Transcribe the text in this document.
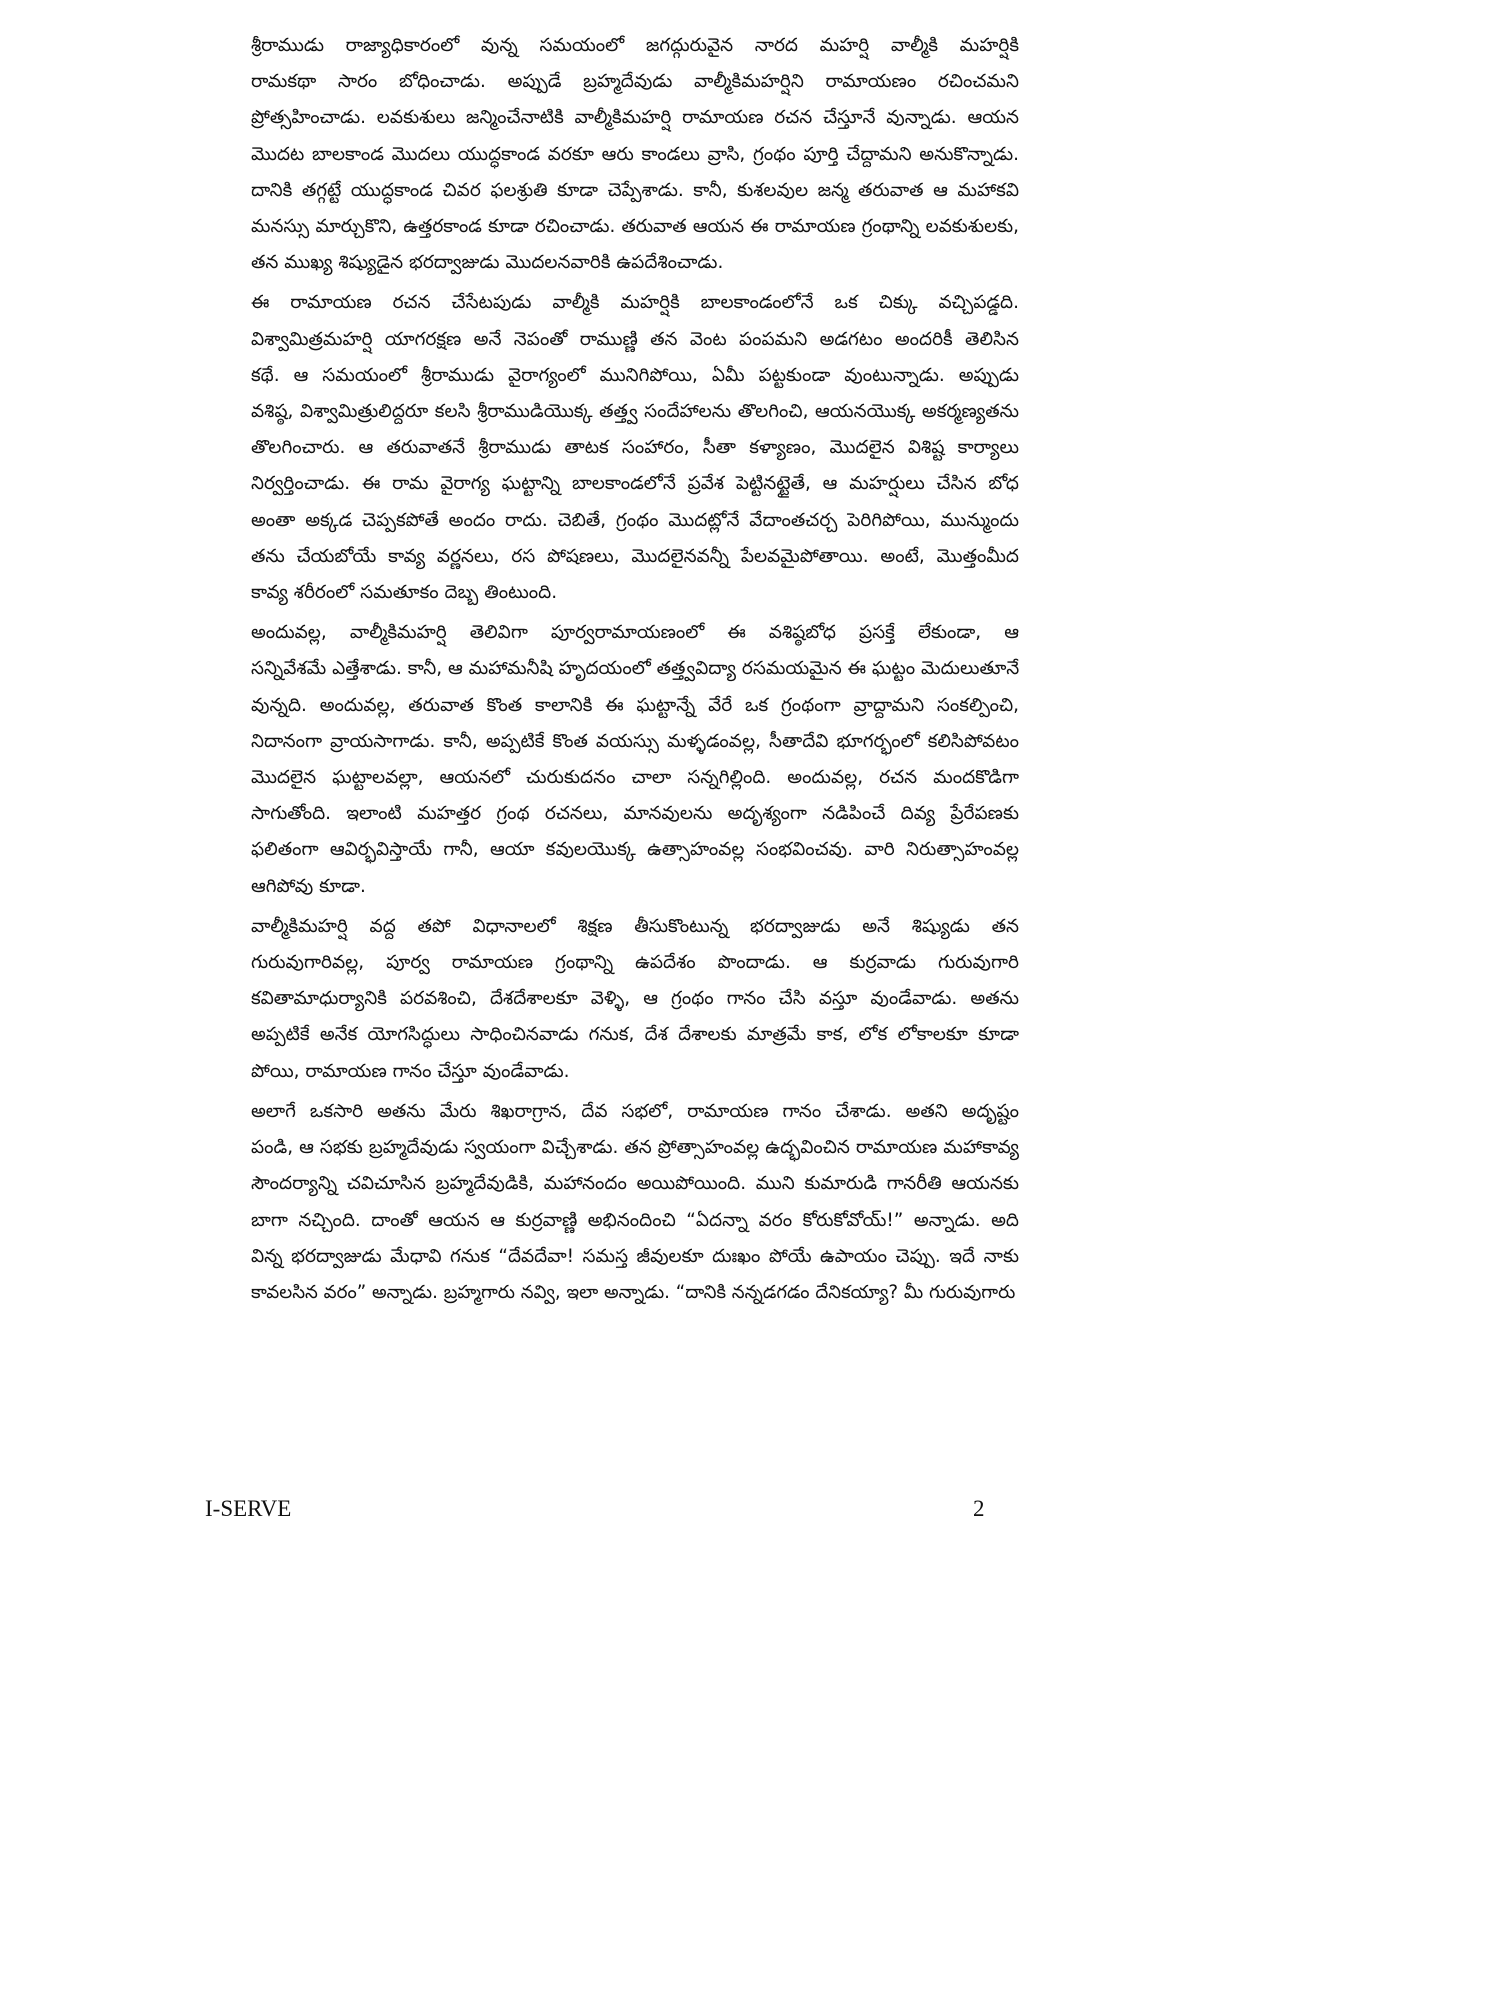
శ్రీరాముడు రాజ్యాధికారంలో వున్న సమయంలో జగద్గురువైన నారద మహర్షి వాల్మీకి మహర్షికి
రామకథా సారం బోధించాడు. అప్పుడే బ్రహ్మదేవుడు వాల్మీకిమహర్షిని రామాయణం రచించమని
ప్రోత్సహించాడు. లవకుశులు జన్మించేనాటికి వాల్మీకిమహర్షి రామాయణ రచన చేస్తూనే వున్నాడు. ఆయన
మొదట బాలకాండ మొదలు యుద్ధకాండ వరకూ ఆరు కాండలు వ్రాసి, గ్రంథం పూర్తి చేద్దామని అనుకొన్నాడు.
దానికి తగ్గట్టే యుద్ధకాండ చివర ఫలశ్రుతి కూడా చెప్పేశాడు. కానీ, కుశలవుల జన్మ తరువాత ఆ మహాకవి
మనస్సు మార్చుకొని, ఉత్తరకాండ కూడా రచించాడు. తరువాత ఆయన ఈ రామాయణ గ్రంథాన్ని లవకుశులకు,
తన ముఖ్య శిష్యుడైన భరద్వాజుడు మొదలనవారికి ఉపదేశించాడు.
ఈ రామాయణ రచన చేసేటపుడు వాల్మీకి మహర్షికి బాలకాండంలోనే ఒక చిక్కు వచ్చిపడ్డది.
విశ్వామిత్రమహర్షి యాగరక్షణ అనే నెపంతో రాముణ్ణి తన వెంట పంపమని అడగటం అందరికీ తెలిసిన
కథే. ఆ సమయంలో శ్రీరాముడు వైరాగ్యంలో మునిగిపోయి, ఏమీ పట్టకుండా వుంటున్నాడు. అప్పుడు
వశిష్ఠ, విశ్వామిత్రులిద్దరూ కలసి శ్రీరాముడియొక్క తత్త్వ సందేహాలను తొలగించి, ఆయనయొక్క అకర్మణ్యతను
తొలగించారు. ఆ తరువాతనే శ్రీరాముడు తాటక సంహారం, సీతా కళ్యాణం, మొదలైన విశిష్ట కార్యాలు
నిర్వర్తించాడు. ఈ రామ వైరాగ్య ఘట్టాన్ని బాలకాండలోనే ప్రవేశ పెట్టినట్టైతే, ఆ మహర్షులు చేసిన బోధ
అంతా అక్కడ చెప్పకపోతే అందం రాదు. చెబితే, గ్రంథం మొదట్లోనే వేదాంతచర్చ పెరిగిపోయి, మున్ముందు
తను చేయబోయే కావ్య వర్ణనలు, రస పోషణలు, మొదలైనవన్నీ పేలవమైపోతాయి. అంటే, మొత్తంమీద
కావ్య శరీరంలో సమతూకం దెబ్బ తింటుంది.
అందువల్ల, వాల్మీకిమహర్షి తెలివిగా పూర్వరామాయణంలో ఈ వశిష్ఠబోధ ప్రసక్తే లేకుండా, ఆ
సన్నివేశమే ఎత్తేశాడు. కానీ, ఆ మహామనీషి హృదయంలో తత్త్వవిద్యా రసమయమైన ఈ ఘట్టం మెదులుతూనే
వున్నది. అందువల్ల, తరువాత కొంత కాలానికి ఈ ఘట్టాన్నే వేరే ఒక గ్రంథంగా వ్రాద్దామని సంకల్పించి,
నిదానంగా వ్రాయసాగాడు. కానీ, అప్పటికే కొంత వయస్సు మళ్ళడంవల్ల, సీతాదేవి భూగర్భంలో కలిసిపోవటం
మొదలైన ఘట్టాలవల్లా, ఆయనలో చురుకుదనం చాలా సన్నగిల్లింది. అందువల్ల, రచన మందకొడిగా
సాగుతోంది. ఇలాంటి మహత్తర గ్రంథ రచనలు, మానవులను అదృశ్యంగా నడిపించే దివ్య ప్రేరేపణకు
ఫలితంగా ఆవిర్భవిస్తాయే గానీ, ఆయా కవులయొక్క ఉత్సాహంవల్ల సంభవించవు. వారి నిరుత్సాహంవల్ల
ఆగిపోవు కూడా.
వాల్మీకిమహర్షి వద్ద తపో విధానాలలో శిక్షణ తీసుకొంటున్న భరద్వాజుడు అనే శిష్యుడు తన
గురువుగారివల్ల, పూర్వ రామాయణ గ్రంథాన్ని ఉపదేశం పొందాడు. ఆ కుర్రవాడు గురువుగారి
కవితామాధుర్యానికి పరవశించి, దేశదేశాలకూ వెళ్ళి, ఆ గ్రంథం గానం చేసి వస్తూ వుండేవాడు. అతను
అప్పటికే అనేక యోగసిద్ధులు సాధించినవాడు గనుక, దేశ దేశాలకు మాత్రమే కాక, లోక లోకాలకూ కూడా
పోయి, రామాయణ గానం చేస్తూ వుండేవాడు.
అలాగే ఒకసారి అతను మేరు శిఖరాగ్రాన, దేవ సభలో, రామాయణ గానం చేశాడు. అతని అదృష్టం
పండి, ఆ సభకు బ్రహ్మదేవుడు స్వయంగా విచ్చేశాడు. తన ప్రోత్సాహంవల్ల ఉద్భవించిన రామాయణ మహాకావ్య
సౌందర్యాన్ని చవిచూసిన బ్రహ్మదేవుడికి, మహానందం అయిపోయింది. ముని కుమారుడి గానరీతి ఆయనకు
బాగా నచ్చింది. దాంతో ఆయన ఆ కుర్రవాణ్ణి అభినందించి “ఏదన్నా వరం కోరుకోవోయ్!” అన్నాడు. అది
విన్న భరద్వాజుడు మేధావి గనుక “దేవదేవా! సమస్త జీవులకూ దుఃఖం పోయే ఉపాయం చెప్పు. ఇదే నాకు
కావలసిన వరం” అన్నాడు. బ్రహ్మగారు నవ్వి, ఇలా అన్నాడు. “దానికి నన్నడగడం దేనికయ్యా? మీ గురువుగారు
I-SERVE	2
